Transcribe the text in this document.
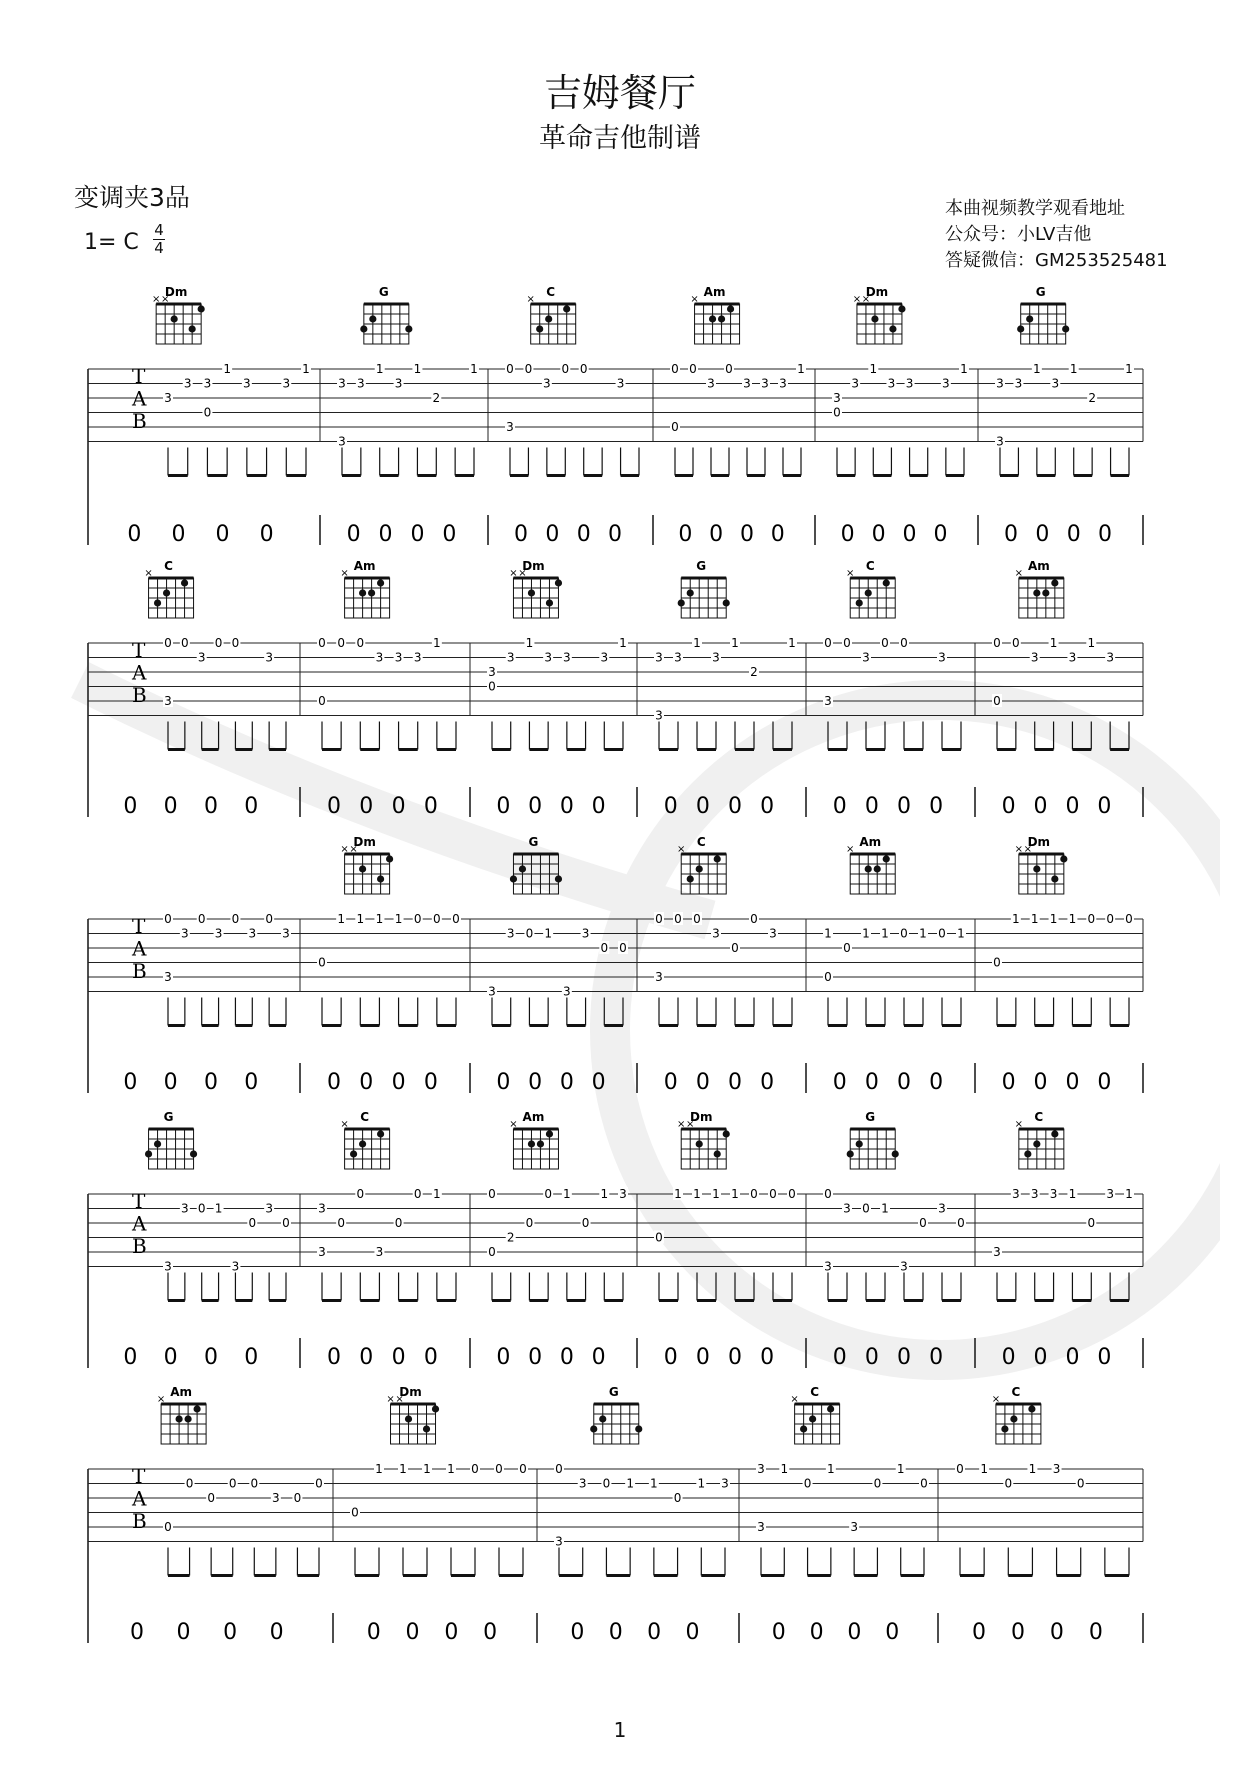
吉姆餐厅
革命吉他制谱
变调夹3品
1= C 4
4
本曲视频教学观看地址
公众号：小LV吉他
答疑微信：GM253525481
T
A
B
Dm
× ×
3
0
3 3
1
3	3
1
0 0 0 0
G
3
3 3
1
3
1
2
1
0 0 0 0
C
×
3
0 0
3
0 0
3
0 0 0 0
Am
×
0
0 0
3
0
3 3 3
1
0 0 0 0
Dm
× ×
3
0
3
1
3 3 3
1
0 0 0 0
G
3
3 3
1
3
1
2
1
0 0 0 0
T
A
B
C
×
3
0 0
3
0 0
3
0 0 0 0
Am
×
0
0 0 0
3 3 3
1
0 0 0 0
Dm
× ×
3
0
3
1
3 3 3
1
0 0 0 0
G
3
3 3
1
3
1
2
1
0 0 0 0
C
×
3
0 0
3
0 0
3
0 0 0 0
Am
×
0
0 0
3
1
3
1
3
0 0 0 0
T
A
B 3
0
3
0
3
0
3
0
3
0 0 0 0
Dm
× ×
0
1 1 1 1 0 0 0
0 0 0 0
G
3
3 0 1
3
3
0 0
0 0 0 0
C
×
3
0 0 0
3
0
0
3
0 0 0 0
Am
×
0
1
0
1 1 0 1 0 1
0 0 0 0
Dm
× ×
0
1 1 1 1 0 0 0
0 0 0 0
T
A
B
G
3
3 0 1
3
0
3
0
0 0 0 0
C
×
3
3
0
0
3
0
0 1
0 0 0 0
Am
×
0
0
2
0
0 1
0
1 3
0 0 0 0
Dm
× ×
0
1 1 1 1 0 0 0
0 0 0 0
G
3
0
3 0 1
3
0
3
0
0 0 0 0
C
×
3
3 3 3 1
0
3 1
0 0 0 0
T
A
B
Am
×
0
0
0
0 0
3 0
0
0 0 0 0
Dm
× ×
0
1 1 1 1 0 0 0
0 0 0 0
G
3
0
3 0 1 1
0
1 3
0 0 0 0
C
×
3
3 1
0
1
3
0
1
0
0 0 0 0
C
×
0 1
0
1 3
0
0 0 0 0
1
